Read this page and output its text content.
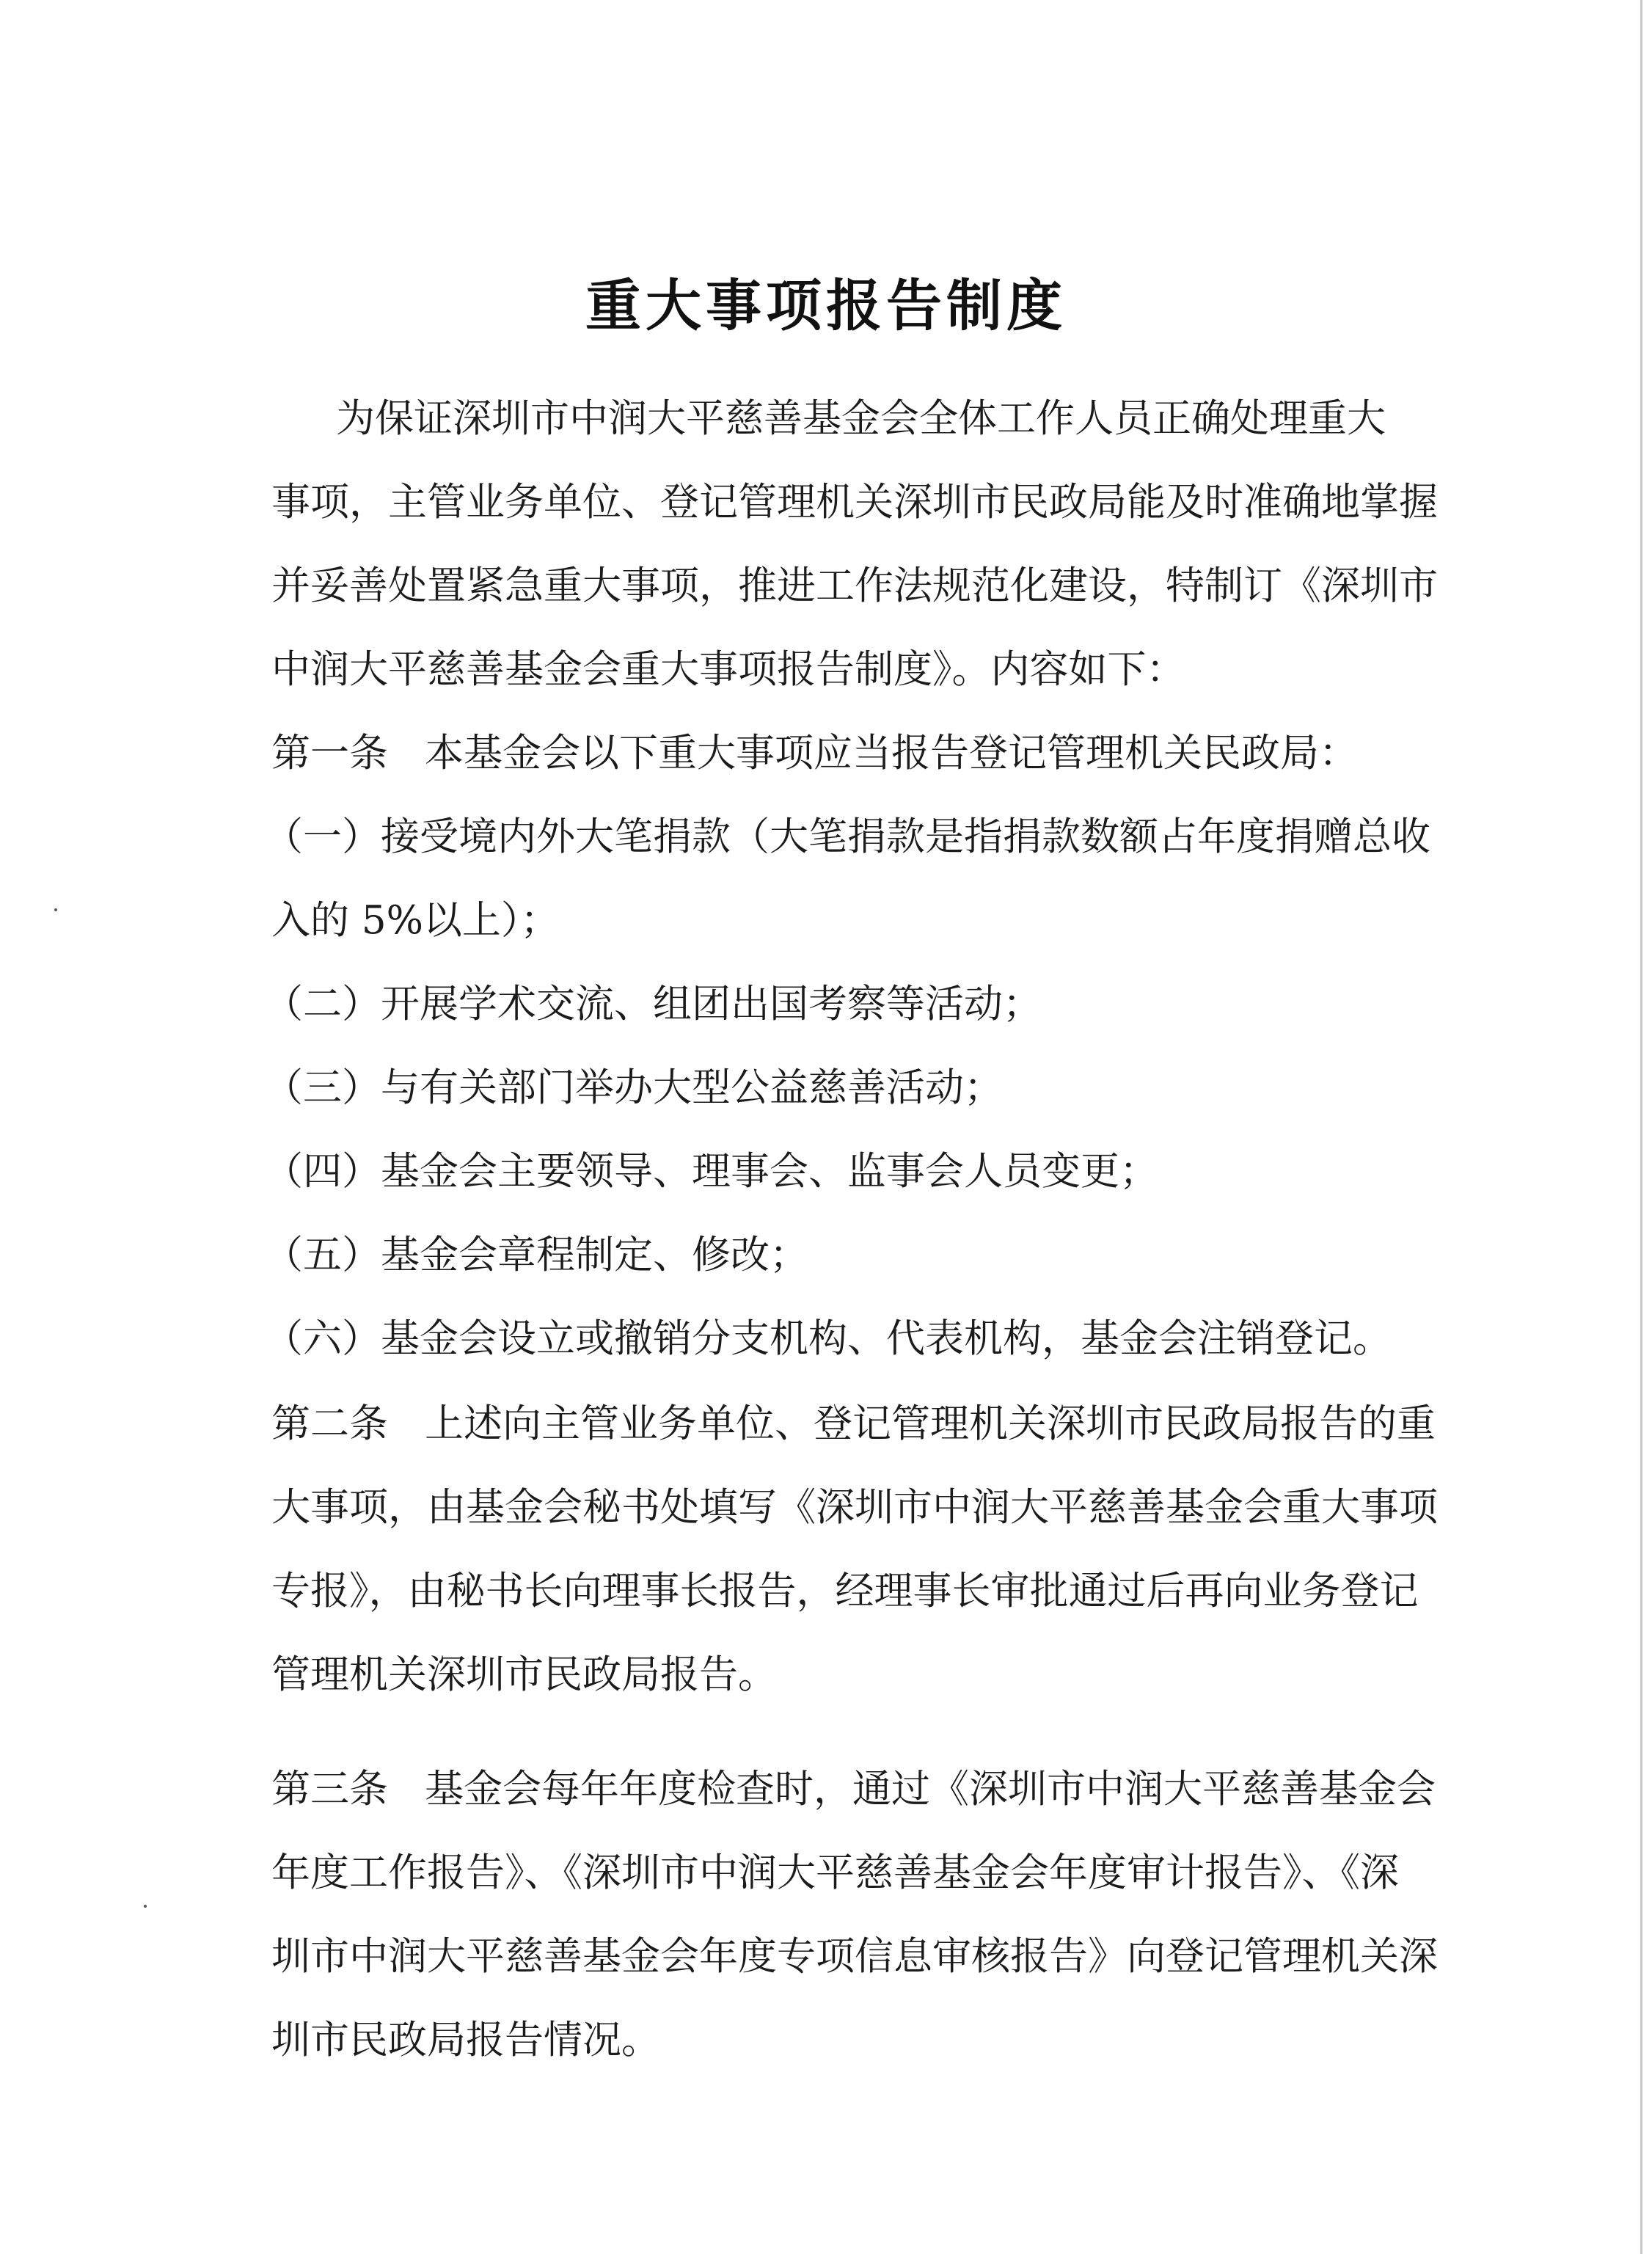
重大事项报告制度
为保证深圳市中润大平慈善基金会全体工作人员正确处理重大
事项，主管业务单位、登记管理机关深圳市民政局能及时准确地掌握
并妥善处置紧急重大事项，推进工作法规范化建设，特制订《深圳市
中润大平慈善基金会重大事项报告制度》。内容如下：
第一条 本基金会以下重大事项应当报告登记管理机关民政局：
（一）接受境内外大笔捐款（大笔捐款是指捐款数额占年度捐赠总收
入的 5%以上）；
（二）开展学术交流、组团出国考察等活动；
（三）与有关部门举办大型公益慈善活动；
（四）基金会主要领导、理事会、监事会人员变更；
（五）基金会章程制定、修改；
（六）基金会设立或撤销分支机构、代表机构，基金会注销登记。
第二条 上述向主管业务单位、登记管理机关深圳市民政局报告的重
大事项，由基金会秘书处填写《深圳市中润大平慈善基金会重大事项
专报》，由秘书长向理事长报告，经理事长审批通过后再向业务登记
管理机关深圳市民政局报告。
第三条 基金会每年年度检查时，通过《深圳市中润大平慈善基金会
年度工作报告》、《深圳市中润大平慈善基金会年度审计报告》、《深
圳市中润大平慈善基金会年度专项信息审核报告》向登记管理机关深
圳市民政局报告情况。
